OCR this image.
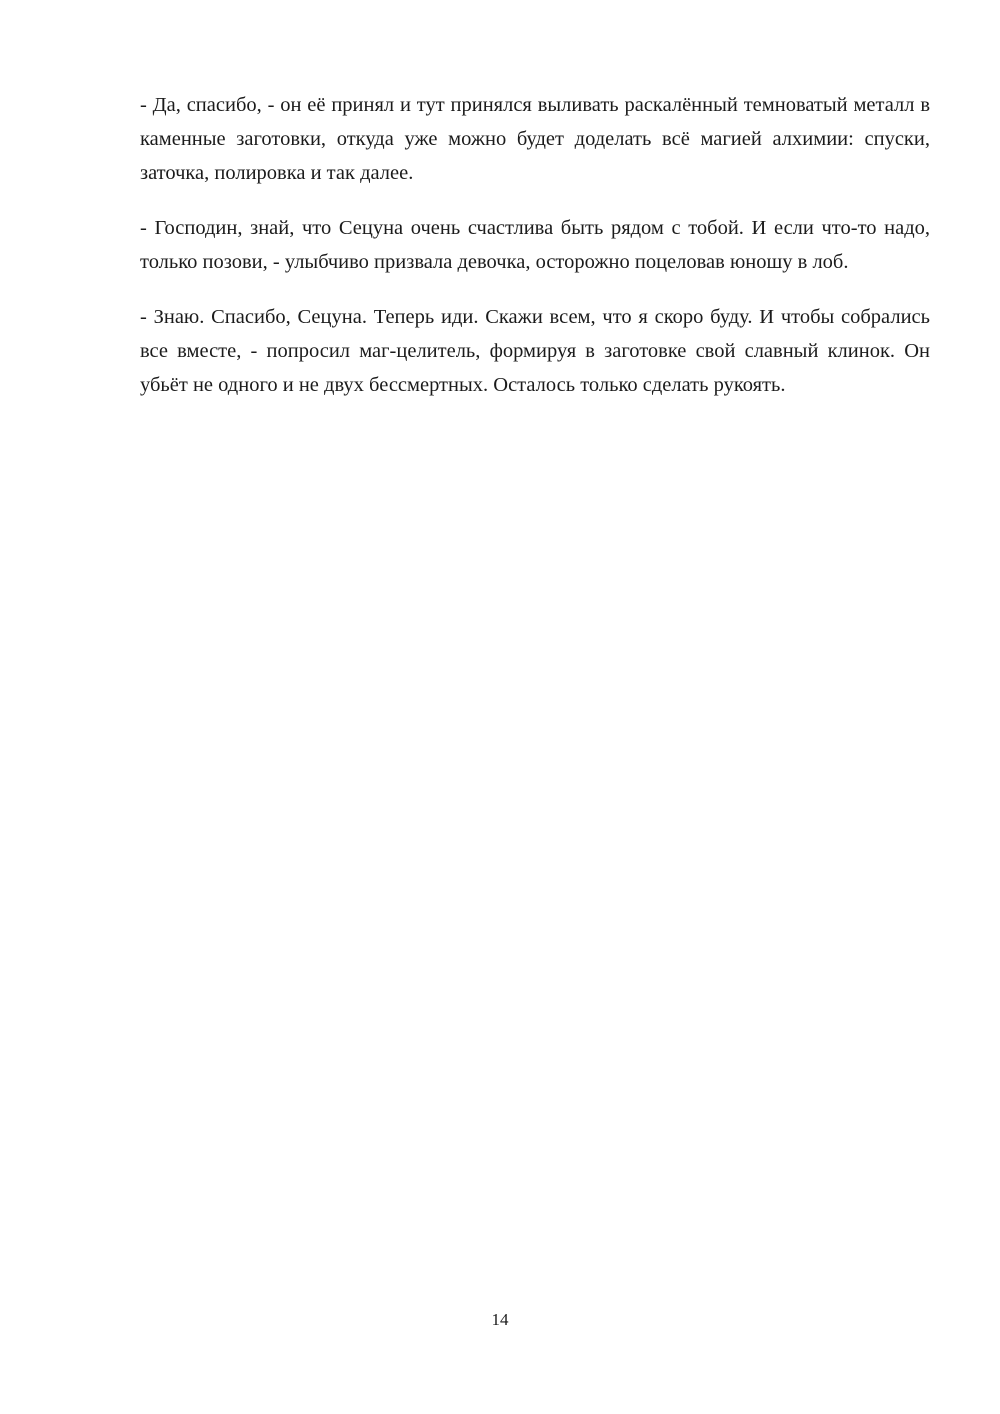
- Да, спасибо, - он её принял и тут принялся выливать раскалённый темноватый металл в каменные заготовки, откуда уже можно будет доделать всё магией алхимии: спуски, заточка, полировка и так далее.

- Господин, знай, что Сецуна очень счастлива быть рядом с тобой. И если что-то надо, только позови, - улыбчиво призвала девочка, осторожно поцеловав юношу в лоб.

- Знаю. Спасибо, Сецуна. Теперь иди. Скажи всем, что я скоро буду. И чтобы собрались все вместе, - попросил маг-целитель, формируя в заготовке свой славный клинок. Он убьёт не одного и не двух бессмертных. Осталось только сделать рукоять.

14
